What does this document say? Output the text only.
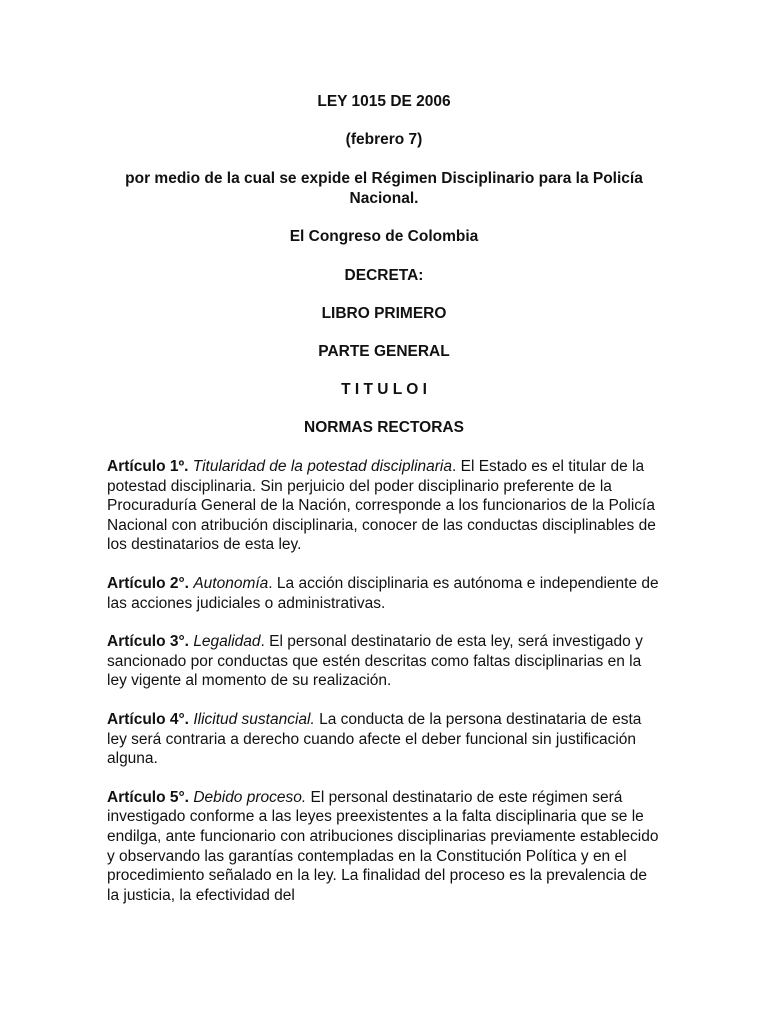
LEY 1015 DE 2006

(febrero 7)

por medio de la cual se expide el Régimen Disciplinario para la Policía Nacional.

El Congreso de Colombia

DECRETA:

LIBRO PRIMERO

PARTE GENERAL

T I T U L O I

NORMAS RECTORAS

Artículo 1º. Titularidad de la potestad disciplinaria. El Estado es el titular de la potestad disciplinaria. Sin perjuicio del poder disciplinario preferente de la Procuraduría General de la Nación, corresponde a los funcionarios de la Policía Nacional con atribución disciplinaria, conocer de las conductas disciplinables de los destinatarios de esta ley.

Artículo 2°. Autonomía. La acción disciplinaria es autónoma e independiente de las acciones judiciales o administrativas.

Artículo 3°. Legalidad. El personal destinatario de esta ley, será investigado y sancionado por conductas que estén descritas como faltas disciplinarias en la ley vigente al momento de su realización.

Artículo 4°. Ilicitud sustancial. La conducta de la persona destinataria de esta ley será contraria a derecho cuando afecte el deber funcional sin justificación alguna.

Artículo 5°. Debido proceso. El personal destinatario de este régimen será investigado conforme a las leyes preexistentes a la falta disciplinaria que se le endilga, ante funcionario con atribuciones disciplinarias previamente establecido y observando las garantías contempladas en la Constitución Política y en el procedimiento señalado en la ley. La finalidad del proceso es la prevalencia de la justicia, la efectividad del
